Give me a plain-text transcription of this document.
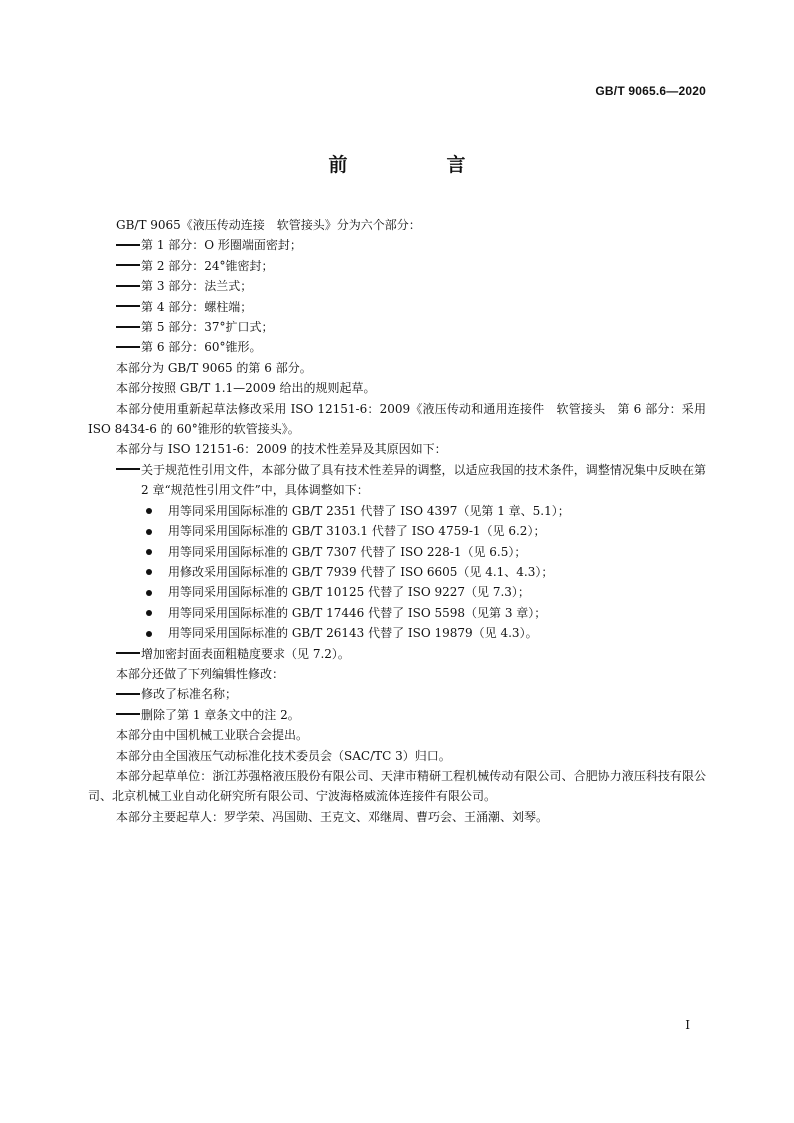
GB/T 9065.6—2020
前　言

GB/T 9065《液压传动连接　软管接头》分为六个部分：

第 1 部分：O 形圈端面密封；

第 2 部分：24°锥密封；

第 3 部分：法兰式；

第 4 部分：螺柱端；

第 5 部分：37°扩口式；

第 6 部分：60°锥形。

本部分为 GB/T 9065 的第 6 部分。

本部分按照 GB/T 1.1—2009 给出的规则起草。

本部分使用重新起草法修改采用 ISO 12151-6：2009《液压传动和通用连接件　软管接头　第 6 部分：采用 ISO 8434-6 的 60°锥形的软管接头》。

本部分与 ISO 12151-6：2009 的技术性差异及其原因如下：

关于规范性引用文件，本部分做了具有技术性差异的调整，以适应我国的技术条件，调整情况集中反映在第 2 章“规范性引用文件”中，具体调整如下：

用等同采用国际标准的 GB/T 2351 代替了 ISO 4397（见第 1 章、5.1）；

用等同采用国际标准的 GB/T 3103.1 代替了 ISO 4759-1（见 6.2）；

用等同采用国际标准的 GB/T 7307 代替了 ISO 228-1（见 6.5）；

用修改采用国际标准的 GB/T 7939 代替了 ISO 6605（见 4.1、4.3）；

用等同采用国际标准的 GB/T 10125 代替了 ISO 9227（见 7.3）；

用等同采用国际标准的 GB/T 17446 代替了 ISO 5598（见第 3 章）；

用等同采用国际标准的 GB/T 26143 代替了 ISO 19879（见 4.3）。

增加密封面表面粗糙度要求（见 7.2）。

本部分还做了下列编辑性修改：

修改了标准名称；

删除了第 1 章条文中的注 2。

本部分由中国机械工业联合会提出。

本部分由全国液压气动标准化技术委员会（SAC/TC 3）归口。

本部分起草单位：浙江苏强格液压股份有限公司、天津市精研工程机械传动有限公司、合肥协力液压科技有限公司、北京机械工业自动化研究所有限公司、宁波海格威流体连接件有限公司。

本部分主要起草人：罗学荣、冯国勋、王克文、邓继周、曹巧会、王涌潮、刘琴。

I
